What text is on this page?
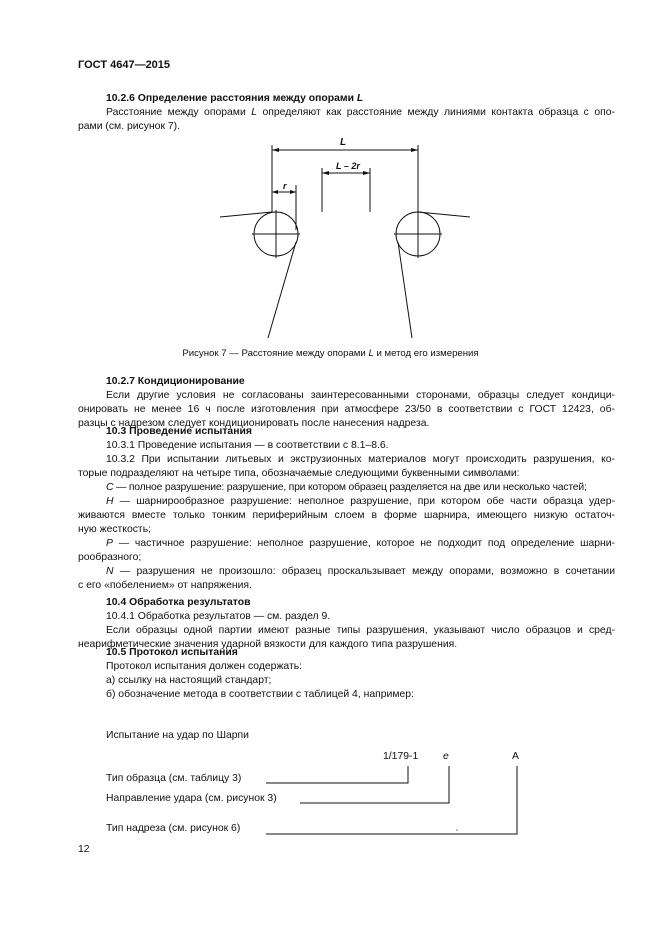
ГОСТ 4647—2015
10.2.6 Определение расстояния между опорами L
Расстояние между опорами L определяют как расстояние между линиями контакта образца с опо-
рами (см. рисунок 7).
L
L – 2r
r
Рисунок 7 — Расстояние между опорами L и метод его измерения
10.2.7 Кондиционирование
Если другие условия не согласованы заинтересованными сторонами, образцы следует кондици-
онировать не менее 16 ч после изготовления при атмосфере 23/50 в соответствии с ГОСТ 12423, об-
разцы с надрезом следует кондиционировать после нанесения надреза.
10.3 Проведение испытания
10.3.1 Проведение испытания — в соответствии с 8.1–8.6.
10.3.2 При испытании литьевых и экструзионных материалов могут происходить разрушения, ко-
торые подразделяют на четыре типа, обозначаемые следующими буквенными символами:
C — полное разрушение: разрушение, при котором образец разделяется на две или несколько частей;
H — шарнирообразное разрушение: неполное разрушение, при котором обе части образца удер-
живаются вместе только тонким периферийным слоем в форме шарнира, имеющего низкую остаточ-
ную жесткость;
P — частичное разрушение: неполное разрушение, которое не подходит под определение шарни-
рообразного;
N — разрушения не произошло: образец проскальзывает между опорами, возможно в сочетании
с его «побелением» от напряжения.
10.4 Обработка результатов
10.4.1 Обработка результатов — см. раздел 9.
Если образцы одной партии имеют разные типы разрушения, указывают число образцов и сред-
неарифметические значения ударной вязкости для каждого типа разрушения.
10.5 Протокол испытания
Протокол испытания должен содержать:
а) ссылку на настоящий стандарт;
б) обозначение метода в соответствии с таблицей 4, например:
Испытание на удар по Шарпи
1/179-1 e	A
Тип образца (см. таблицу 3)
Направление удара (см. рисунок 3)
Тип надреза (см. рисунок 6)
12
